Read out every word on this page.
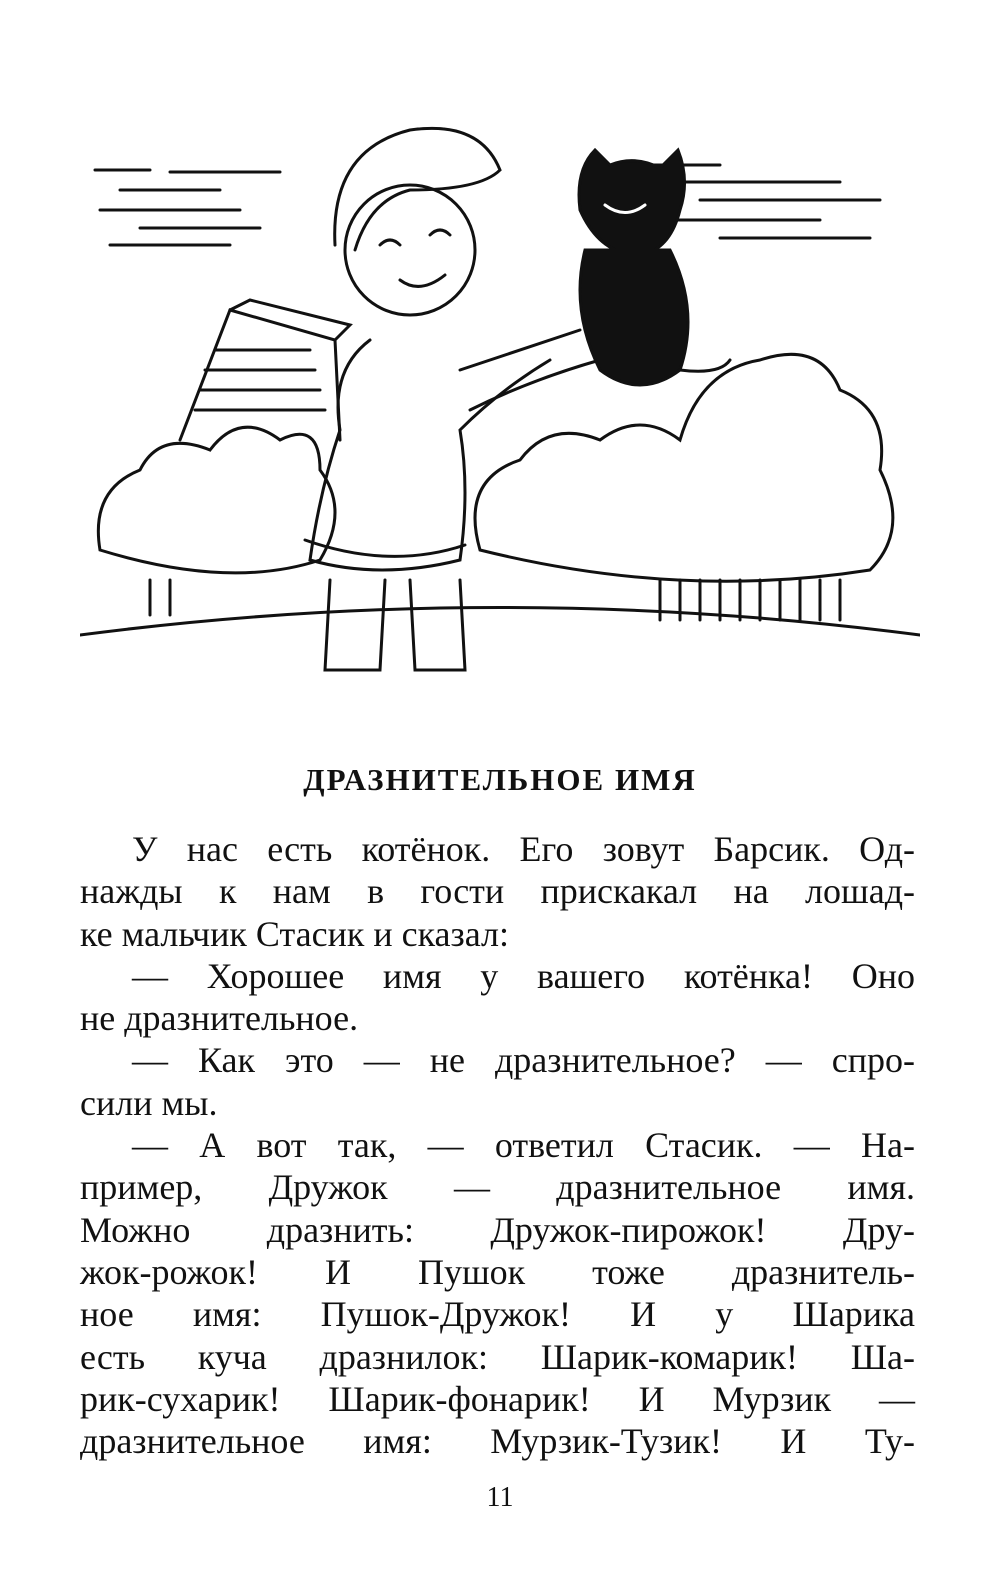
ДРАЗНИТЕЛЬНОЕ ИМЯ
У нас есть котёнок. Его зовут Барсик. Од-
нажды к нам в гости прискакал на лошад-
ке мальчик Стасик и сказал:
— Хорошее имя у вашего котёнка! Оно
не дразнительное.
— Как это — не дразнительное? — спро-
сили мы.
— А вот так, — ответил Стасик. — На-
пример, Дружок — дразнительное имя.
Можно дразнить: Дружок-пирожок! Дру-
жок-рожок! И Пушок тоже дразнитель-
ное имя: Пушок-Дружок! И у Шарика
есть куча дразнилок: Шарик-комарик! Ша-
рик-сухарик! Шарик-фонарик! И Мурзик —
дразнительное имя: Мурзик-Тузик! И Ту-
11
